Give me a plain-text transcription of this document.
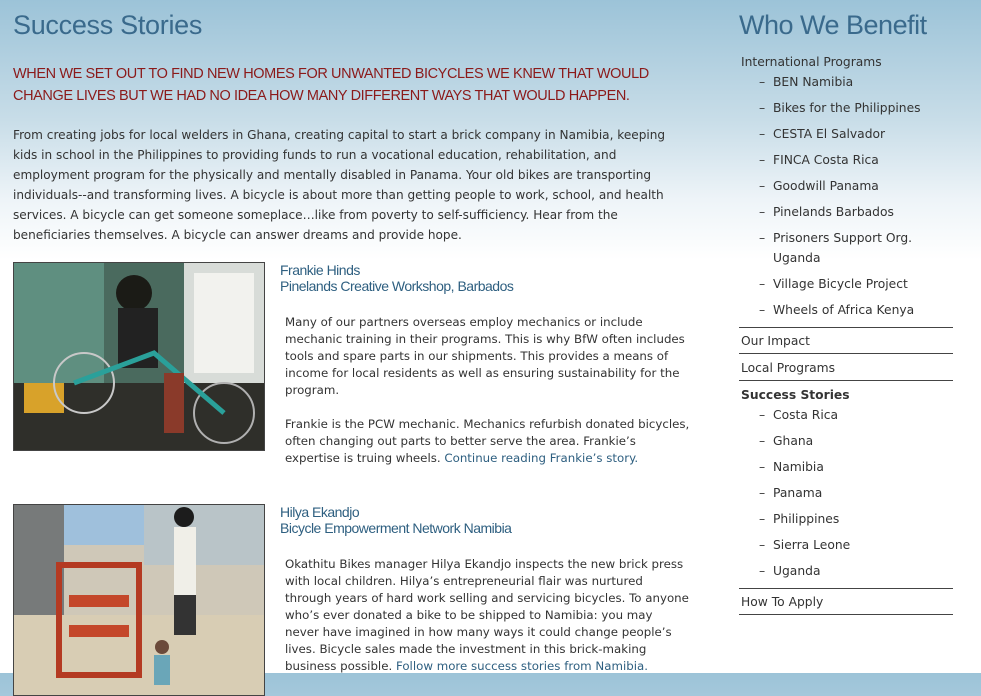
Success Stories
WHEN WE SET OUT TO FIND NEW HOMES FOR UNWANTED BICYCLES WE KNEW THAT WOULD CHANGE LIVES BUT WE HAD NO IDEA HOW MANY DIFFERENT WAYS THAT WOULD HAPPEN.
From creating jobs for local welders in Ghana, creating capital to start a brick company in Namibia, keeping kids in school in the Philippines to providing funds to run a vocational education, rehabilitation, and employment program for the physically and mentally disabled in Panama. Your old bikes are transporting individuals--and transforming lives. A bicycle is about more than getting people to work, school, and health services. A bicycle can get someone someplace…like from poverty to self-sufficiency. Hear from the beneficiaries themselves. A bicycle can answer dreams and provide hope.
Frankie Hinds
Pinelands Creative Workshop, Barbados

Many of our partners overseas employ mechanics or include mechanic training in their programs. This is why BfW often includes tools and spare parts in our shipments. This provides a means of income for local residents as well as ensuring sustainability for the program.

Frankie is the PCW mechanic. Mechanics refurbish donated bicycles, often changing out parts to better serve the area. Frankie’s expertise is truing wheels. Continue reading Frankie’s story.

Hilya Ekandjo
Bicycle Empowerment Network Namibia

Okathitu Bikes manager Hilya Ekandjo inspects the new brick press with local children. Hilya’s entrepreneurial flair was nurtured through years of hard work selling and servicing bicycles. To anyone who’s ever donated a bike to be shipped to Namibia: you may never have imagined in how many ways it could change people’s lives. Bicycle sales made the investment in this brick-making business possible. Follow more success stories from Namibia.

Who We Benefit
International Programs
– BEN Namibia
– Bikes for the Philippines
– CESTA El Salvador
– FINCA Costa Rica
– Goodwill Panama
– Pinelands Barbados
– Prisoners Support Org. Uganda
– Village Bicycle Project
– Wheels of Africa Kenya
Our Impact
Local Programs
Success Stories
– Costa Rica
– Ghana
– Namibia
– Panama
– Philippines
– Sierra Leone
– Uganda
How To Apply
